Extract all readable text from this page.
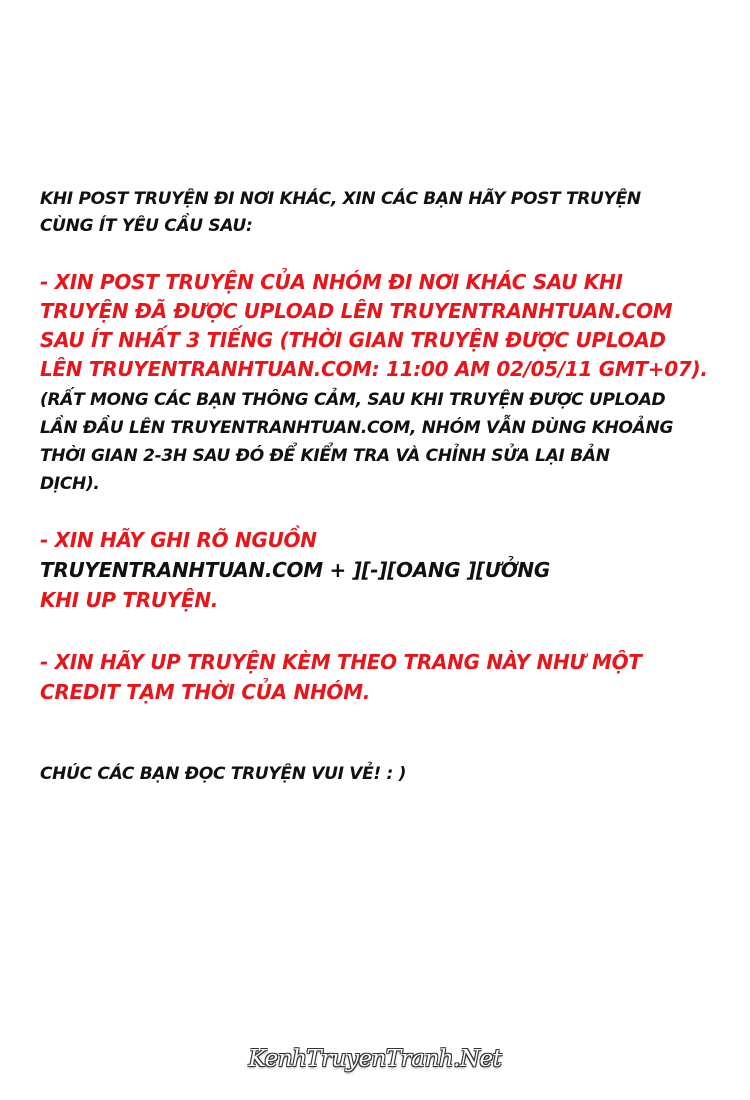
KHI POST TRUYỆN ĐI NƠI KHÁC, XIN CÁC BẠN HÃY POST TRUYỆN
CÙNG ÍT YÊU CẦU SAU:
- XIN POST TRUYỆN CỦA NHÓM ĐI NƠI KHÁC SAU KHI
TRUYỆN ĐÃ ĐƯỢC UPLOAD LÊN TRUYENTRANHTUAN.COM
SAU ÍT NHẤT 3 TIẾNG (THỜI GIAN TRUYỆN ĐƯỢC UPLOAD
LÊN TRUYENTRANHTUAN.COM: 11:00 AM 02/05/11 GMT+07).
(RẤT MONG CÁC BẠN THÔNG CẢM, SAU KHI TRUYỆN ĐƯỢC UPLOAD
LẦN ĐẦU LÊN TRUYENTRANHTUAN.COM, NHÓM VẪN DÙNG KHOẢNG
THỜI GIAN 2-3H SAU ĐÓ ĐỂ KIỂM TRA VÀ CHỈNH SỬA LẠI BẢN
DỊCH).
- XIN HÃY GHI RÕ NGUỒN
TRUYENTRANHTUAN.COM + ][-][OANG ][ƯỞNG
KHI UP TRUYỆN.
- XIN HÃY UP TRUYỆN KÈM THEO TRANG NÀY NHƯ MỘT
CREDIT TẠM THỜI CỦA NHÓM.
CHÚC CÁC BẠN ĐỌC TRUYỆN VUI VẺ! : )
KenhTruyenTranh.Net
